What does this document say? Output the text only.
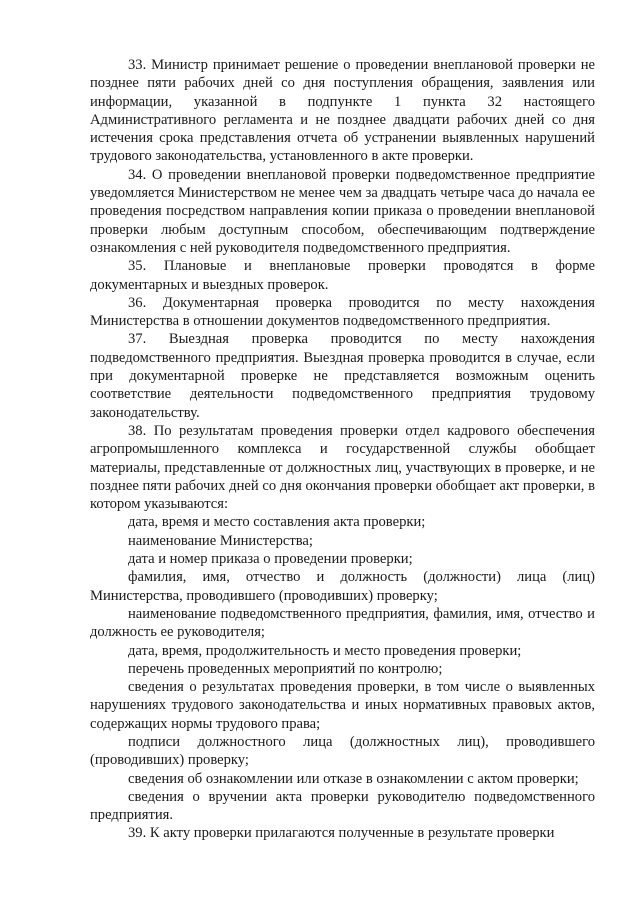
33. Министр принимает решение о проведении внеплановой проверки не позднее пяти рабочих дней со дня поступления обращения, заявления или информации, указанной в подпункте 1 пункта 32 настоящего Административного регламента и не позднее двадцати рабочих дней со дня истечения срока представления отчета об устранении выявленных нарушений трудового законодательства, установленного в акте проверки.

34. О проведении внеплановой проверки подведомственное предприятие уведомляется Министерством не менее чем за двадцать четыре часа до начала ее проведения посредством направления копии приказа о проведении внеплановой проверки любым доступным способом, обеспечивающим подтверждение ознакомления с ней руководителя подведомственного предприятия.

35. Плановые и внеплановые проверки проводятся в форме документарных и выездных проверок.

36. Документарная проверка проводится по месту нахождения Министерства в отношении документов подведомственного предприятия.

37. Выездная проверка проводится по месту нахождения подведомственного предприятия. Выездная проверка проводится в случае, если при документарной проверке не представляется возможным оценить соответствие деятельности подведомственного предприятия трудовому законодательству.

38. По результатам проведения проверки отдел кадрового обеспечения агропромышленного комплекса и государственной службы обобщает материалы, представленные от должностных лиц, участвующих в проверке, и не позднее пяти рабочих дней со дня окончания проверки обобщает акт проверки, в котором указываются:

дата, время и место составления акта проверки;

наименование Министерства;

дата и номер приказа о проведении проверки;

фамилия, имя, отчество и должность (должности) лица (лиц) Министерства, проводившего (проводивших) проверку;

наименование подведомственного предприятия, фамилия, имя, отчество и должность ее руководителя;

дата, время, продолжительность и место проведения проверки;

перечень проведенных мероприятий по контролю;

сведения о результатах проведения проверки, в том числе о выявленных нарушениях трудового законодательства и иных нормативных правовых актов, содержащих нормы трудового права;

подписи должностного лица (должностных лиц), проводившего (проводивших) проверку;

сведения об ознакомлении или отказе в ознакомлении с актом проверки;

сведения о вручении акта проверки руководителю подведомственного предприятия.

39. К акту проверки прилагаются полученные в результате проверки
